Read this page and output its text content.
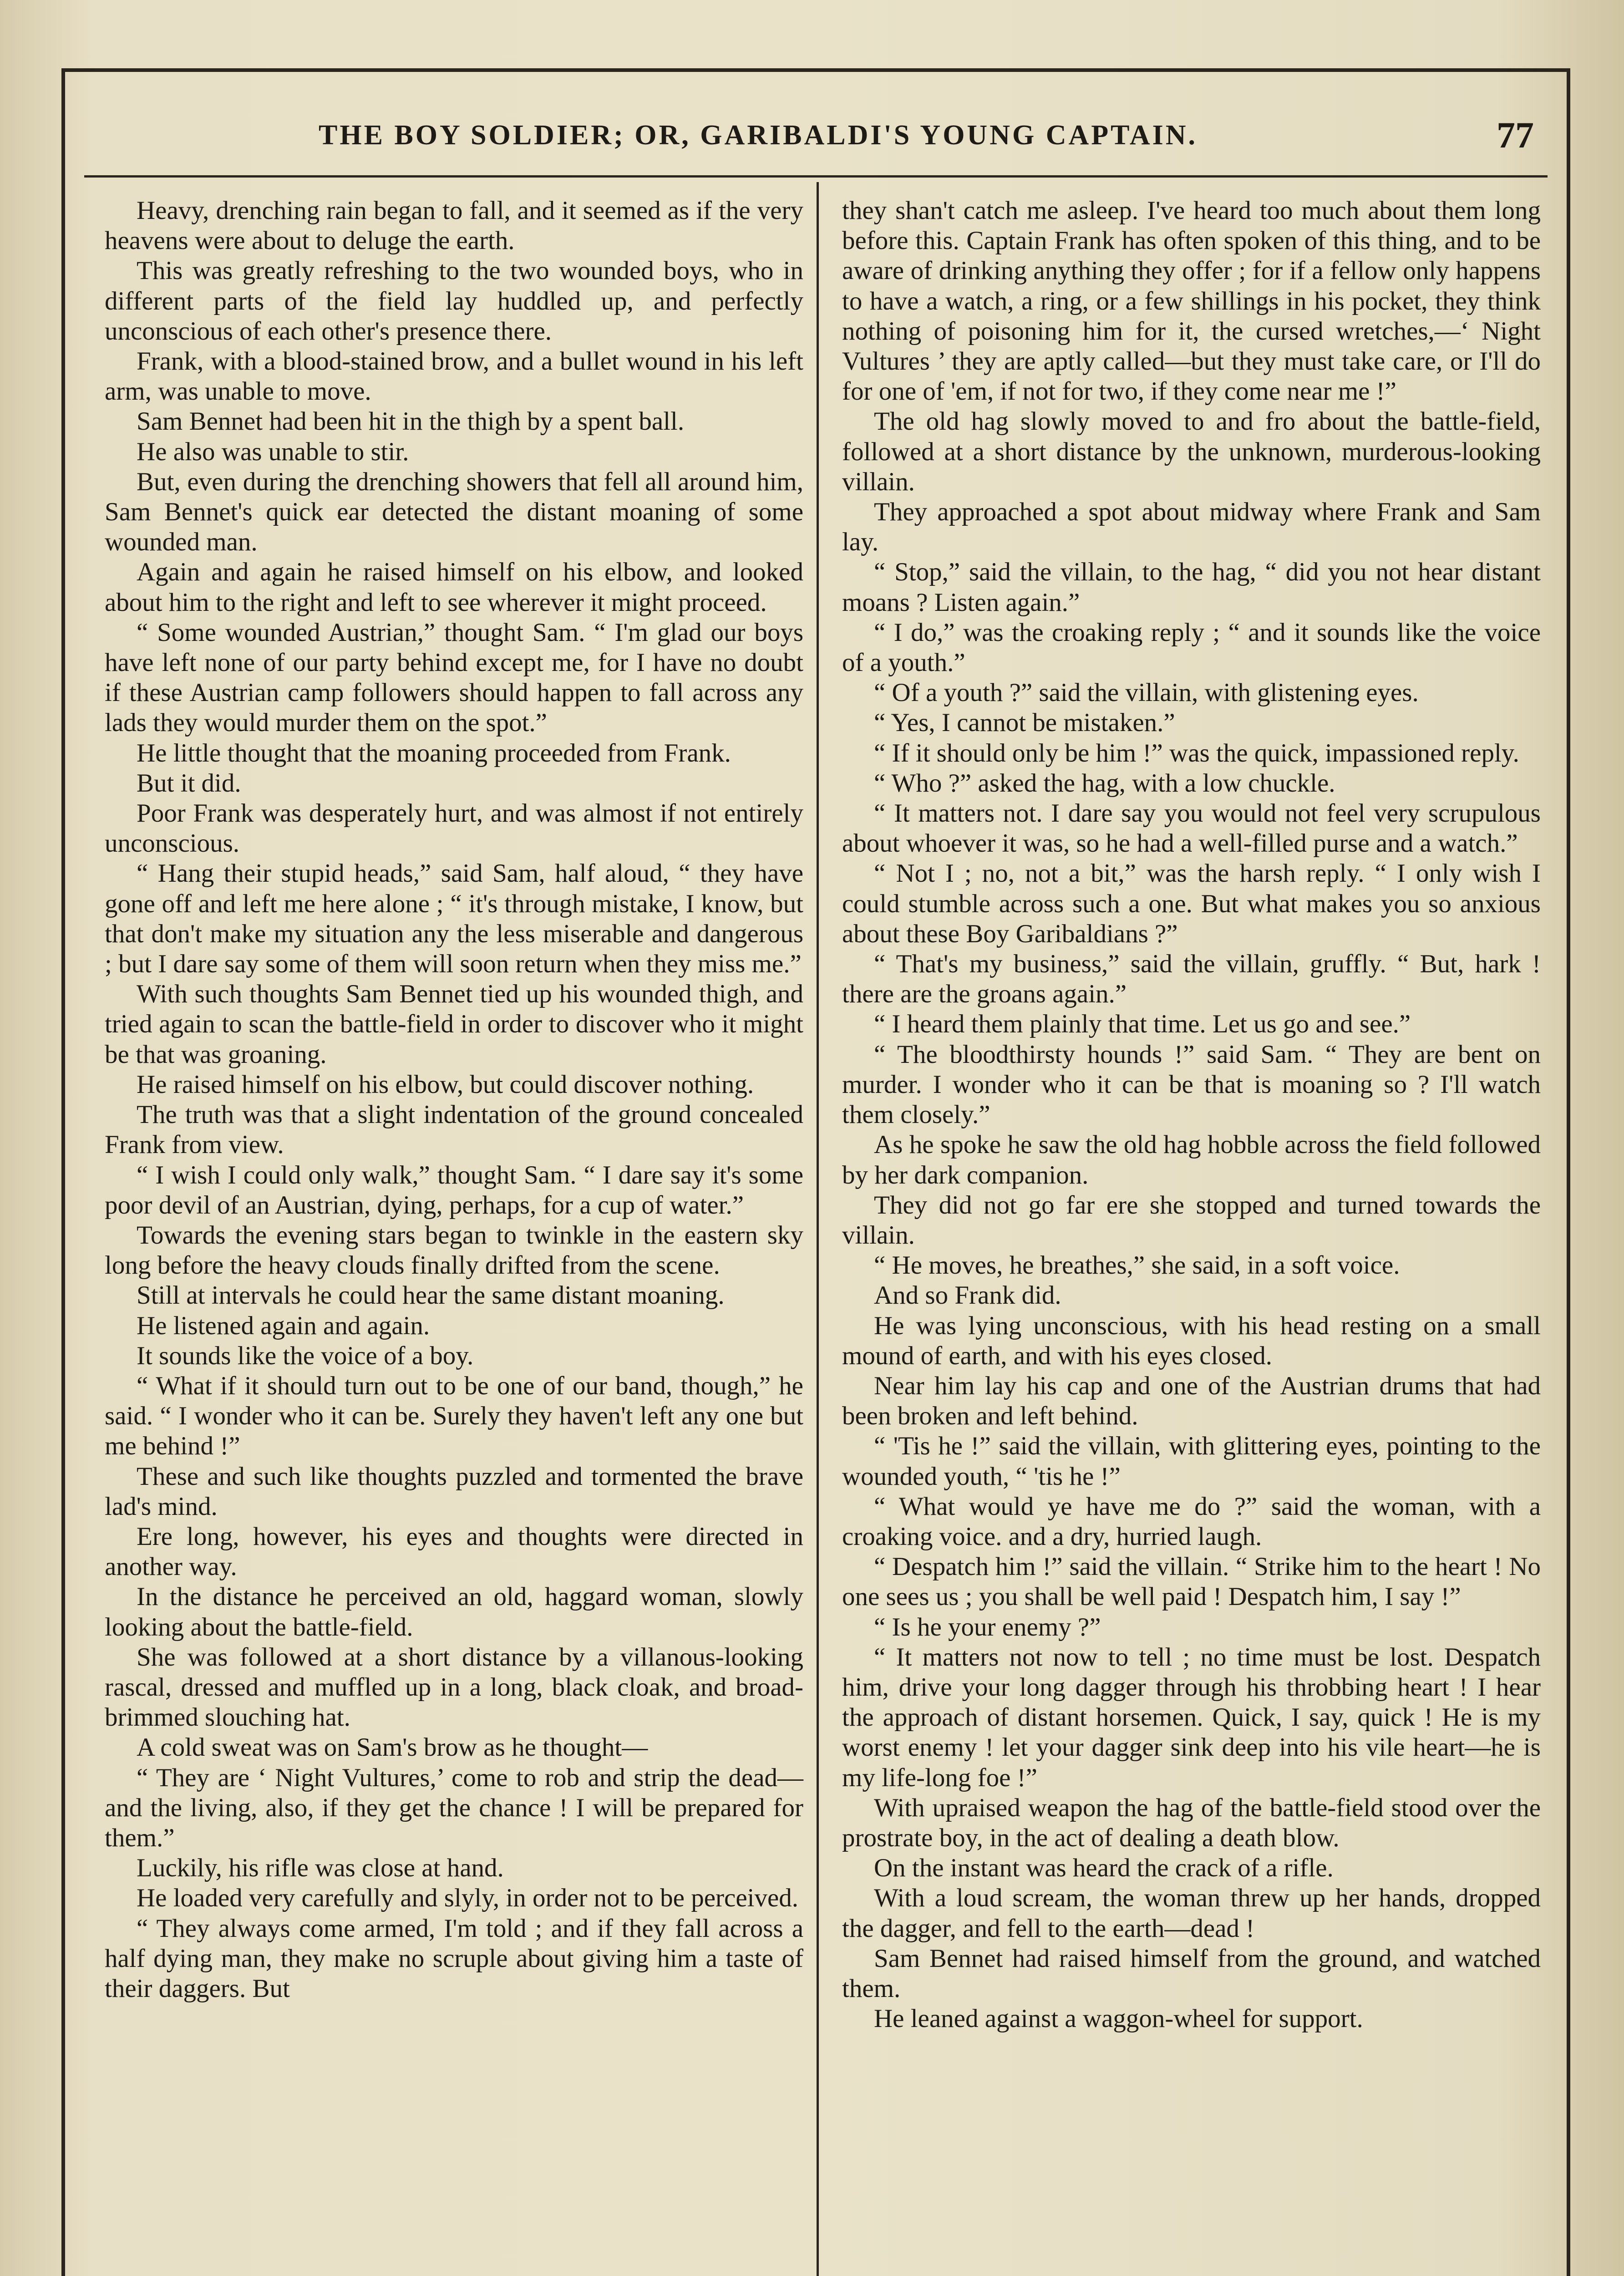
THE BOY SOLDIER; OR, GARIBALDI'S YOUNG CAPTAIN.	77

Heavy, drenching rain began to fall, and it seemed as if the very heavens were about to deluge the earth.

This was greatly refreshing to the two wounded boys, who in different parts of the field lay huddled up, and perfectly unconscious of each other's presence there.

Frank, with a blood-stained brow, and a bullet wound in his left arm, was unable to move.

Sam Bennet had been hit in the thigh by a spent ball.

He also was unable to stir.

But, even during the drenching showers that fell all around him, Sam Bennet's quick ear detected the distant moaning of some wounded man.

Again and again he raised himself on his elbow, and looked about him to the right and left to see wherever it might proceed.

“ Some wounded Austrian,” thought Sam. “ I'm glad our boys have left none of our party behind except me, for I have no doubt if these Austrian camp followers should happen to fall across any lads they would murder them on the spot.”

He little thought that the moaning proceeded from Frank.

But it did.

Poor Frank was desperately hurt, and was almost if not entirely unconscious.

“ Hang their stupid heads,” said Sam, half aloud, “ they have gone off and left me here alone ; “ it's through mistake, I know, but that don't make my situation any the less miserable and dangerous ; but I dare say some of them will soon return when they miss me.”

With such thoughts Sam Bennet tied up his wounded thigh, and tried again to scan the battle-field in order to discover who it might be that was groaning.

He raised himself on his elbow, but could discover nothing.

The truth was that a slight indentation of the ground concealed Frank from view.

“ I wish I could only walk,” thought Sam. “ I dare say it's some poor devil of an Austrian, dying, perhaps, for a cup of water.”

Towards the evening stars began to twinkle in the eastern sky long before the heavy clouds finally drifted from the scene.

Still at intervals he could hear the same distant moaning.

He listened again and again.

It sounds like the voice of a boy.

“ What if it should turn out to be one of our band, though,” he said. “ I wonder who it can be. Surely they haven't left any one but me behind !”

These and such like thoughts puzzled and tormented the brave lad's mind.

Ere long, however, his eyes and thoughts were directed in another way.

In the distance he perceived an old, haggard woman, slowly looking about the battle-field.

She was followed at a short distance by a villanous-looking rascal, dressed and muffled up in a long, black cloak, and broad-brimmed slouching hat.

A cold sweat was on Sam's brow as he thought—

“ They are ‘ Night Vultures,’ come to rob and strip the dead—and the living, also, if they get the chance ! I will be prepared for them.”

Luckily, his rifle was close at hand.

He loaded very carefully and slyly, in order not to be perceived.

“ They always come armed, I'm told ; and if they fall across a half dying man, they make no scruple about giving him a taste of their daggers. But

they shan't catch me asleep. I've heard too much about them long before this. Captain Frank has often spoken of this thing, and to be aware of drinking anything they offer ; for if a fellow only happens to have a watch, a ring, or a few shillings in his pocket, they think nothing of poisoning him for it, the cursed wretches,—‘ Night Vultures ’ they are aptly called—but they must take care, or I'll do for one of 'em, if not for two, if they come near me !”

The old hag slowly moved to and fro about the battle-field, followed at a short distance by the unknown, murderous-looking villain.

They approached a spot about midway where Frank and Sam lay.

“ Stop,” said the villain, to the hag, “ did you not hear distant moans ? Listen again.”

“ I do,” was the croaking reply ; “ and it sounds like the voice of a youth.”

“ Of a youth ?” said the villain, with glistening eyes.

“ Yes, I cannot be mistaken.”

“ If it should only be him !” was the quick, impassioned reply.

“ Who ?” asked the hag, with a low chuckle.

“ It matters not. I dare say you would not feel very scrupulous about whoever it was, so he had a well-filled purse and a watch.”

“ Not I ; no, not a bit,” was the harsh reply. “ I only wish I could stumble across such a one. But what makes you so anxious about these Boy Garibaldians ?”

“ That's my business,” said the villain, gruffly. “ But, hark ! there are the groans again.”

“ I heard them plainly that time. Let us go and see.”

“ The bloodthirsty hounds !” said Sam. “ They are bent on murder. I wonder who it can be that is moaning so ? I'll watch them closely.”

As he spoke he saw the old hag hobble across the field followed by her dark companion.

They did not go far ere she stopped and turned towards the villain.

“ He moves, he breathes,” she said, in a soft voice.

And so Frank did.

He was lying unconscious, with his head resting on a small mound of earth, and with his eyes closed.

Near him lay his cap and one of the Austrian drums that had been broken and left behind.

“ 'Tis he !” said the villain, with glittering eyes, pointing to the wounded youth, “ 'tis he !”

“ What would ye have me do ?” said the woman, with a croaking voice. and a dry, hurried laugh.

“ Despatch him !” said the villain. “ Strike him to the heart ! No one sees us ; you shall be well paid ! Despatch him, I say !”

“ Is he your enemy ?”

“ It matters not now to tell ; no time must be lost. Despatch him, drive your long dagger through his throbbing heart ! I hear the approach of distant horsemen. Quick, I say, quick ! He is my worst enemy ! let your dagger sink deep into his vile heart—he is my life-long foe !”

With upraised weapon the hag of the battle-field stood over the prostrate boy, in the act of dealing a death blow.

On the instant was heard the crack of a rifle.

With a loud scream, the woman threw up her hands, dropped the dagger, and fell to the earth—dead !

Sam Bennet had raised himself from the ground, and watched them.

He leaned against a waggon-wheel for support.
